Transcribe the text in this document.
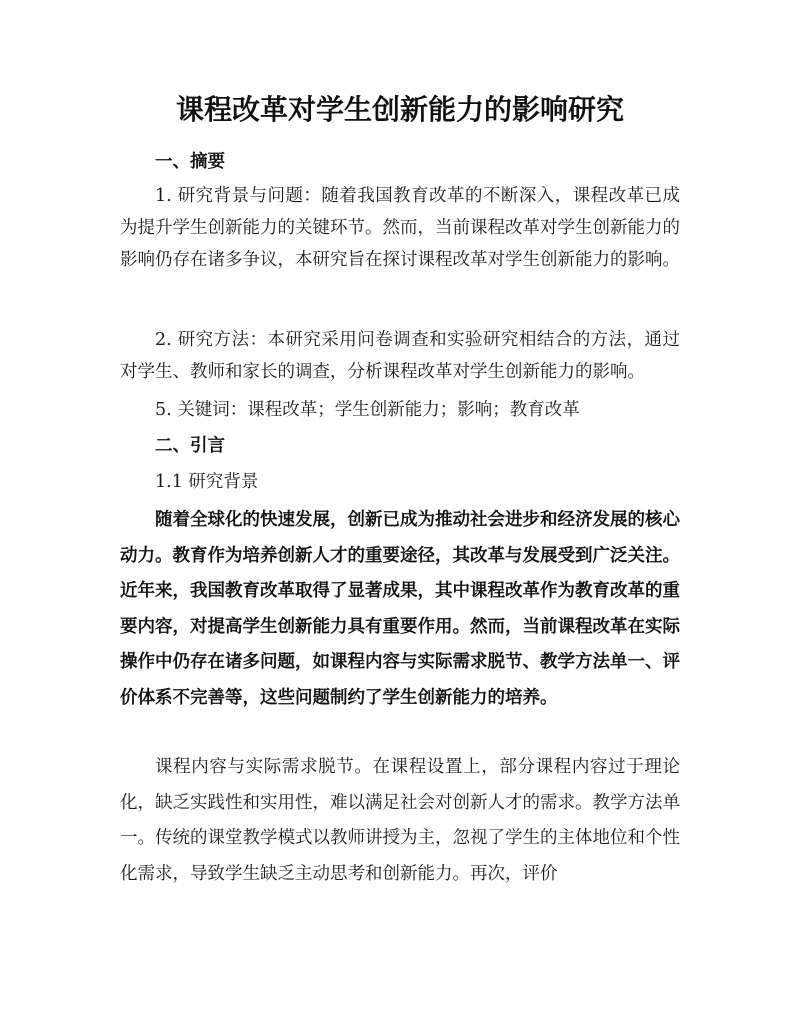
课程改革对学生创新能力的影响研究
一、摘要
1. 研究背景与问题：随着我国教育改革的不断深入，课程改革已成为提升学生创新能力的关键环节。然而，当前课程改革对学生创新能力的影响仍存在诸多争议，本研究旨在探讨课程改革对学生创新能力的影响。
2. 研究方法：本研究采用问卷调查和实验研究相结合的方法，通过对学生、教师和家长的调查，分析课程改革对学生创新能力的影响。
5. 关键词：课程改革；学生创新能力；影响；教育改革
二、引言
1.1 研究背景
随着全球化的快速发展，创新已成为推动社会进步和经济发展的核心动力。教育作为培养创新人才的重要途径，其改革与发展受到广泛关注。近年来，我国教育改革取得了显著成果，其中课程改革作为教育改革的重要内容，对提高学生创新能力具有重要作用。然而，当前课程改革在实际操作中仍存在诸多问题，如课程内容与实际需求脱节、教学方法单一、评价体系不完善等，这些问题制约了学生创新能力的培养。
课程内容与实际需求脱节。在课程设置上，部分课程内容过于理论化，缺乏实践性和实用性，难以满足社会对创新人才的需求。教学方法单一。传统的课堂教学模式以教师讲授为主，忽视了学生的主体地位和个性化需求，导致学生缺乏主动思考和创新能力。再次，评价
